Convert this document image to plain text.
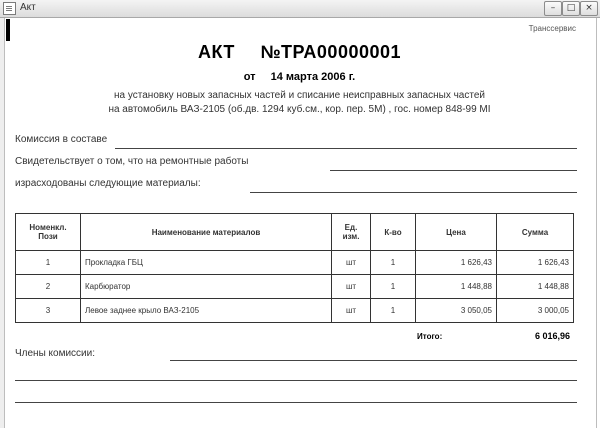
Акт	–	□	×
Транссервис
АКТ №ТРА00000001
от 14 марта 2006 г.
на установку новых запасных частей и списание неисправных запасных частей
на автомобиль ВАЗ-2105 (об.дв. 1294 куб.см., кор. пер. 5М) , гос. номер 848-99 МI
Комиссия в составе
Свидетельствует о том, что на ремонтные работы
израсходованы следующие материалы:
Номенкл. Пози	Наименование материалов	Ед. изм.	К-во	Цена	Сумма
1	Прокладка ГБЦ	шт	1	1 626,43	1 626,43
2	Карбюратор	шт	1	1 448,88	1 448,88
3	Левое заднее крыло ВАЗ-2105	шт	1	3 050,05	3 000,05
Итого:	6 016,96
Члены комиссии:
